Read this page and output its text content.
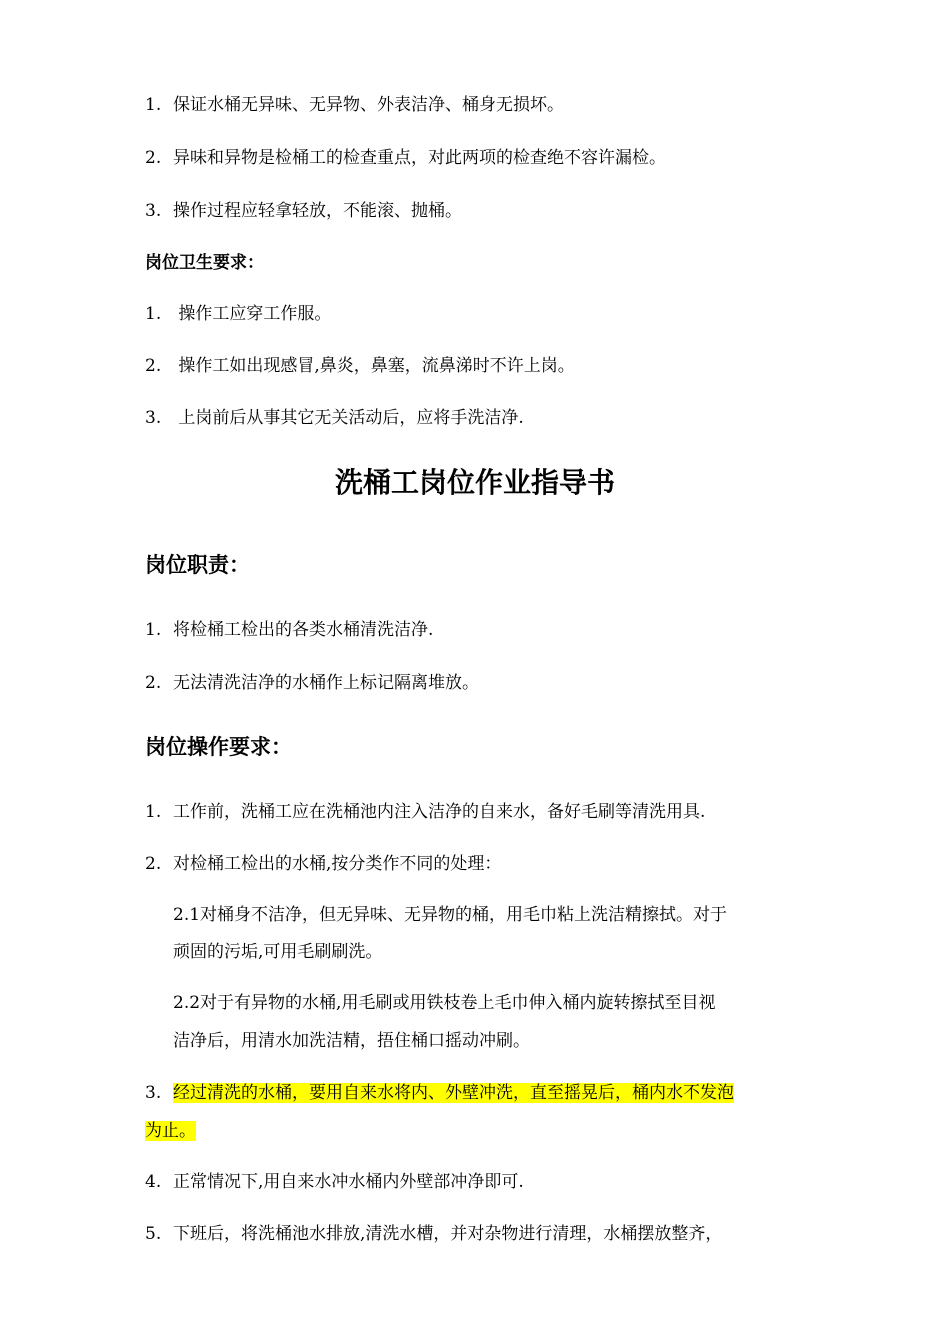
1. 保证水桶无异味、无异物、外表洁净、桶身无损坏。
2. 异味和异物是检桶工的检查重点，对此两项的检查绝不容许漏检。
3. 操作过程应轻拿轻放，不能滚、抛桶。
岗位卫生要求：
1. 操作工应穿工作服。
2. 操作工如出现感冒,鼻炎，鼻塞，流鼻涕时不许上岗。
3. 上岗前后从事其它无关活动后，应将手洗洁净.
洗桶工岗位作业指导书
岗位职责：
1. 将检桶工检出的各类水桶清洗洁净.
2. 无法清洗洁净的水桶作上标记隔离堆放。
岗位操作要求：
1. 工作前，洗桶工应在洗桶池内注入洁净的自来水，备好毛刷等清洗用具.
2. 对检桶工检出的水桶,按分类作不同的处理：
2.1对桶身不洁净，但无异味、无异物的桶，用毛巾粘上洗洁精擦拭。对于
顽固的污垢,可用毛刷刷洗。
2.2对于有异物的水桶,用毛刷或用铁枝卷上毛巾伸入桶内旋转擦拭至目视
洁净后，用清水加洗洁精，捂住桶口摇动冲刷。
3. 经过清洗的水桶，要用自来水将内、外壁冲洗，直至摇晃后，桶内水不发泡
为止。
4. 正常情况下,用自来水冲水桶内外壁部冲净即可.
5. 下班后，将洗桶池水排放,清洗水槽，并对杂物进行清理，水桶摆放整齐，
